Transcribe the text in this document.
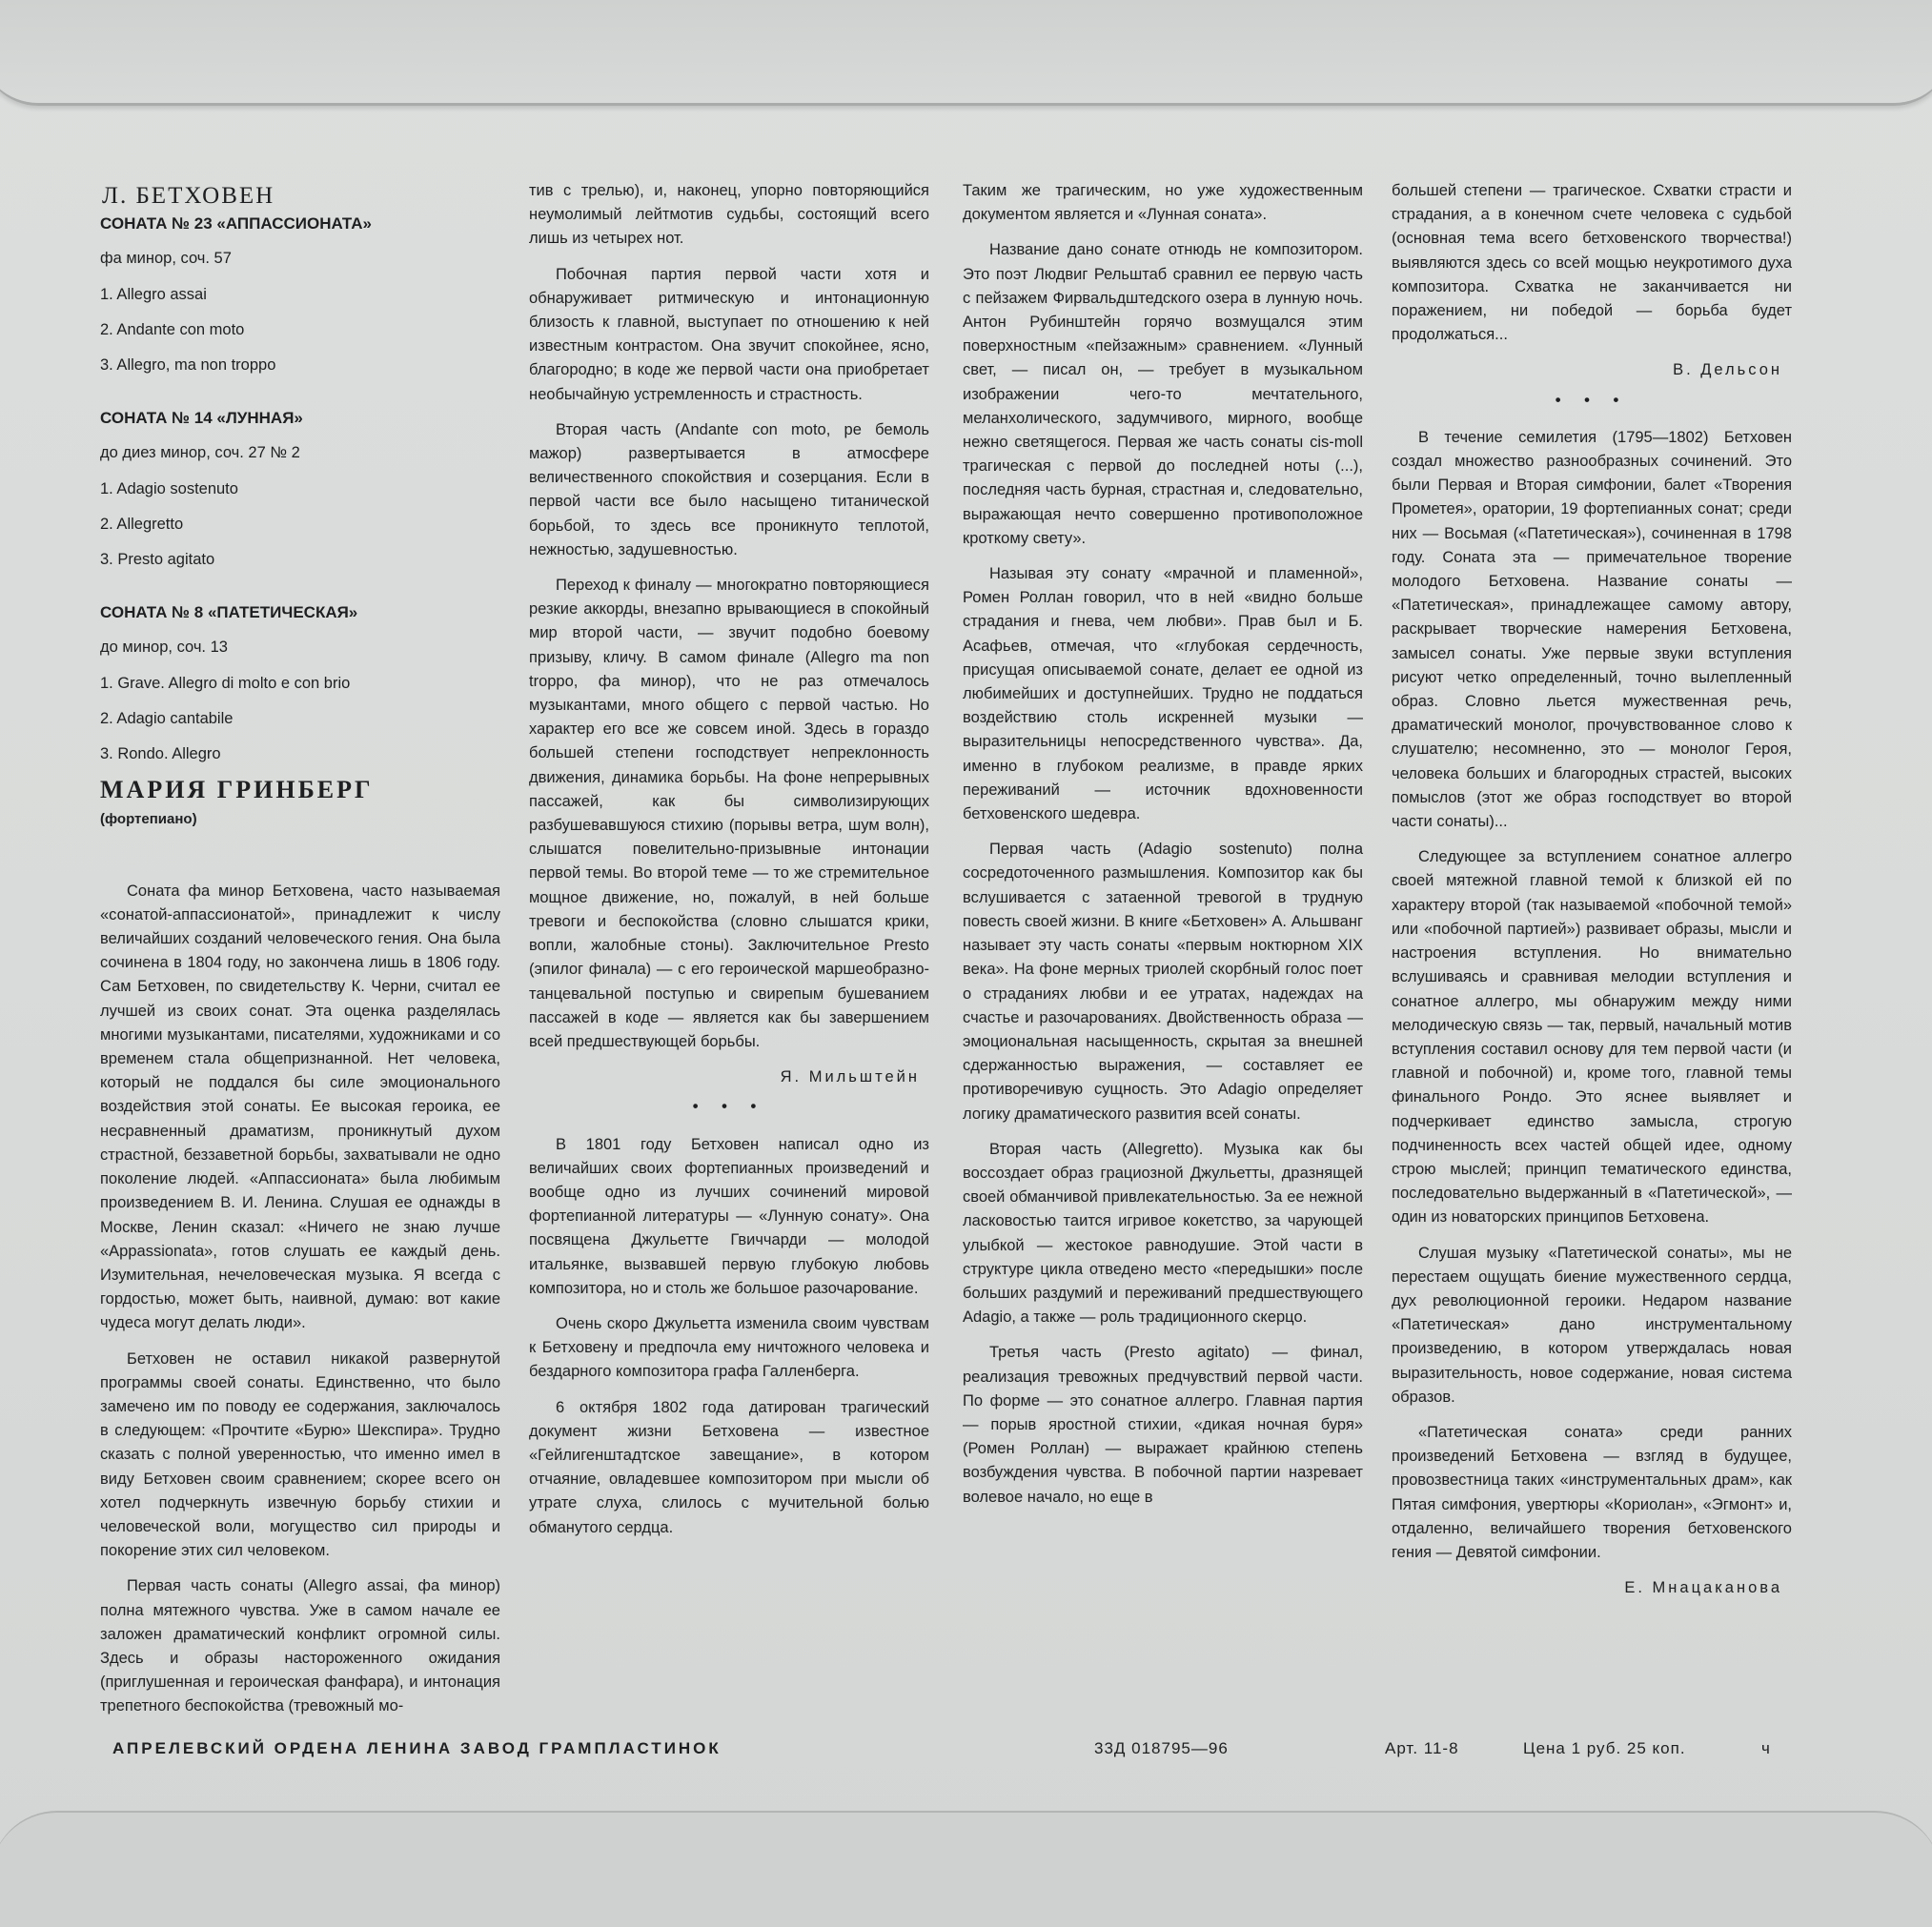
Л. БЕТХОВЕН

СОНАТА № 23 «АППАССИОНАТА»

фа минор, соч. 57

1. Allegro assai

2. Andante con moto

3. Allegro, ma non troppo

СОНАТА № 14 «ЛУННАЯ»

до диез минор, соч. 27 № 2

1. Adagio sostenuto

2. Allegretto

3. Presto agitato

СОНАТА № 8 «ПАТЕТИЧЕСКАЯ»

до минор, соч. 13

1. Grave. Allegro di molto e con brio

2. Adagio cantabile

3. Rondo. Allegro

МАРИЯ ГРИНБЕРГ
(фортепиано)

Соната фа минор Бетховена, часто называемая «сонатой-аппассионатой», принадлежит к числу величайших созданий человеческого гения. Она была сочинена в 1804 году, но закончена лишь в 1806 году. Сам Бетховен, по свидетельству К. Черни, считал ее лучшей из своих сонат. Эта оценка разделялась многими музыкантами, писателями, художниками и со временем стала общепризнанной. Нет человека, который не поддался бы силе эмоционального воздействия этой сонаты. Ее высокая героика, ее несравненный драматизм, проникнутый духом страстной, беззаветной борьбы, захватывали не одно поколение людей. «Аппассионата» была любимым произведением В. И. Ленина. Слушая ее однажды в Москве, Ленин сказал: «Ничего не знаю лучше «Appassionata», готов слушать ее каждый день. Изумительная, нечеловеческая музыка. Я всегда с гордостью, может быть, наивной, думаю: вот какие чудеса могут делать люди».

Бетховен не оставил никакой развернутой программы своей сонаты. Единственно, что было замечено им по поводу ее содержания, заключалось в следующем: «Прочтите «Бурю» Шекспира». Трудно сказать с полной уверенностью, что именно имел в виду Бетховен своим сравнением; скорее всего он хотел подчеркнуть извечную борьбу стихии и человеческой воли, могущество сил природы и покорение этих сил человеком.

Первая часть сонаты (Allegro assai, фа минор) полна мятежного чувства. Уже в самом начале ее заложен драматический конфликт огромной силы. Здесь и образы настороженного ожидания (приглушенная и героическая фанфара), и интонация трепетного беспокойства (тревожный мо-

тив с трелью), и, наконец, упорно повторяющийся неумолимый лейтмотив судьбы, состоящий всего лишь из четырех нот.

Побочная партия первой части хотя и обнаруживает ритмическую и интонационную близость к главной, выступает по отношению к ней известным контрастом. Она звучит спокойнее, ясно, благородно; в коде же первой части она приобретает необычайную устремленность и страстность.

Вторая часть (Andante con moto, ре бемоль мажор) развертывается в атмосфере величественного спокойствия и созерцания. Если в первой части все было насыщено титанической борьбой, то здесь все проникнуто теплотой, нежностью, задушевностью.

Переход к финалу — многократно повторяющиеся резкие аккорды, внезапно врывающиеся в спокойный мир второй части, — звучит подобно боевому призыву, кличу. В самом финале (Allegro ma non troppo, фа минор), что не раз отмечалось музыкантами, много общего с первой частью. Но характер его все же совсем иной. Здесь в гораздо большей степени господствует непреклонность движения, динамика борьбы. На фоне непрерывных пассажей, как бы символизирующих разбушевавшуюся стихию (порывы ветра, шум волн), слышатся повелительно-призывные интонации первой темы. Во второй теме — то же стремительное мощное движение, но, пожалуй, в ней больше тревоги и беспокойства (словно слышатся крики, вопли, жалобные стоны). Заключительное Presto (эпилог финала) — с его героической маршеобразно-танцевальной поступью и свирепым бушеванием пассажей в коде — является как бы завершением всей предшествующей борьбы.

Я. Мильштейн
• • •

В 1801 году Бетховен написал одно из величайших своих фортепианных произведений и вообще одно из лучших сочинений мировой фортепианной литературы — «Лунную сонату». Она посвящена Джульетте Гвиччарди — молодой итальянке, вызвавшей первую глубокую любовь композитора, но и столь же большое разочарование.

Очень скоро Джульетта изменила своим чувствам к Бетховену и предпочла ему ничтожного человека и бездарного композитора графа Галленберга.

6 октября 1802 года датирован трагический документ жизни Бетховена — известное «Гейлигенштадтское завещание», в котором отчаяние, овладевшее композитором при мысли об утрате слуха, слилось с мучительной болью обманутого сердца.

Таким же трагическим, но уже художественным документом является и «Лунная соната».

Название дано сонате отнюдь не композитором. Это поэт Людвиг Рельштаб сравнил ее первую часть с пейзажем Фирвальдштедского озера в лунную ночь. Антон Рубинштейн горячо возмущался этим поверхностным «пейзажным» сравнением. «Лунный свет, — писал он, — требует в музыкальном изображении чего-то мечтательного, меланхолического, задумчивого, мирного, вообще нежно светящегося. Первая же часть сонаты cis-moll трагическая с первой до последней ноты (...), последняя часть бурная, страстная и, следовательно, выражающая нечто совершенно противоположное кроткому свету».

Называя эту сонату «мрачной и пламенной», Ромен Роллан говорил, что в ней «видно больше страдания и гнева, чем любви». Прав был и Б. Асафьев, отмечая, что «глубокая сердечность, присущая описываемой сонате, делает ее одной из любимейших и доступнейших. Трудно не поддаться воздействию столь искренней музыки — выразительницы непосредственного чувства». Да, именно в глубоком реализме, в правде ярких переживаний — источник вдохновенности бетховенского шедевра.

Первая часть (Adagio sostenuto) полна сосредоточенного размышления. Композитор как бы вслушивается с затаенной тревогой в трудную повесть своей жизни. В книге «Бетховен» А. Альшванг называет эту часть сонаты «первым ноктюрном XIX века». На фоне мерных триолей скорбный голос поет о страданиях любви и ее утратах, надеждах на счастье и разочарованиях. Двойственность образа — эмоциональная насыщенность, скрытая за внешней сдержанностью выражения, — составляет ее противоречивую сущность. Это Adagio определяет логику драматического развития всей сонаты.

Вторая часть (Allegretto). Музыка как бы воссоздает образ грациозной Джульетты, дразнящей своей обманчивой привлекательностью. За ее нежной ласковостью таится игривое кокетство, за чарующей улыбкой — жестокое равнодушие. Этой части в структуре цикла отведено место «передышки» после больших раздумий и переживаний предшествующего Adagio, а также — роль традиционного скерцо.

Третья часть (Presto agitato) — финал, реализация тревожных предчувствий первой части. По форме — это сонатное аллегро. Главная партия — порыв яростной стихии, «дикая ночная буря» (Ромен Роллан) — выражает крайнюю степень возбуждения чувства. В побочной партии назревает волевое начало, но еще в

большей степени — трагическое. Схватки страсти и страдания, а в конечном счете человека с судьбой (основная тема всего бетховенского творчества!) выявляются здесь со всей мощью неукротимого духа композитора. Схватка не заканчивается ни поражением, ни победой — борьба будет продолжаться...

В. Дельсон
• • •

В течение семилетия (1795—1802) Бетховен создал множество разнообразных сочинений. Это были Первая и Вторая симфонии, балет «Творения Прометея», оратории, 19 фортепианных сонат; среди них — Восьмая («Патетическая»), сочиненная в 1798 году. Соната эта — примечательное творение молодого Бетховена. Название сонаты — «Патетическая», принадлежащее самому автору, раскрывает творческие намерения Бетховена, замысел сонаты. Уже первые звуки вступления рисуют четко определенный, точно вылепленный образ. Словно льется мужественная речь, драматический монолог, прочувствованное слово к слушателю; несомненно, это — монолог Героя, человека больших и благородных страстей, высоких помыслов (этот же образ господствует во второй части сонаты)...

Следующее за вступлением сонатное аллегро своей мятежной главной темой к близкой ей по характеру второй (так называемой «побочной темой» или «побочной партией») развивает образы, мысли и настроения вступления. Но внимательно вслушиваясь и сравнивая мелодии вступления и сонатное аллегро, мы обнаружим между ними мелодическую связь — так, первый, начальный мотив вступления составил основу для тем первой части (и главной и побочной) и, кроме того, главной темы финального Рондо. Это яснее выявляет и подчеркивает единство замысла, строгую подчиненность всех частей общей идее, одному строю мыслей; принцип тематического единства, последовательно выдержанный в «Патетической», — один из новаторских принципов Бетховена.

Слушая музыку «Патетической сонаты», мы не перестаем ощущать биение мужественного сердца, дух революционной героики. Недаром название «Патетическая» дано инструментальному произведению, в котором утверждалась новая выразительность, новое содержание, новая система образов.

«Патетическая соната» среди ранних произведений Бетховена — взгляд в будущее, провозвестница таких «инструментальных драм», как Пятая симфония, увертюры «Кориолан», «Эгмонт» и, отдаленно, величайшего творения бетховенского гения — Девятой симфонии.

Е. Мнацаканова
АПРЕЛЕВСКИЙ ОРДЕНА ЛЕНИНА ЗАВОД ГРАМПЛАСТИНОК	33Д 018795—96	Арт. 11-8	Цена 1 руб. 25 коп.	ч
